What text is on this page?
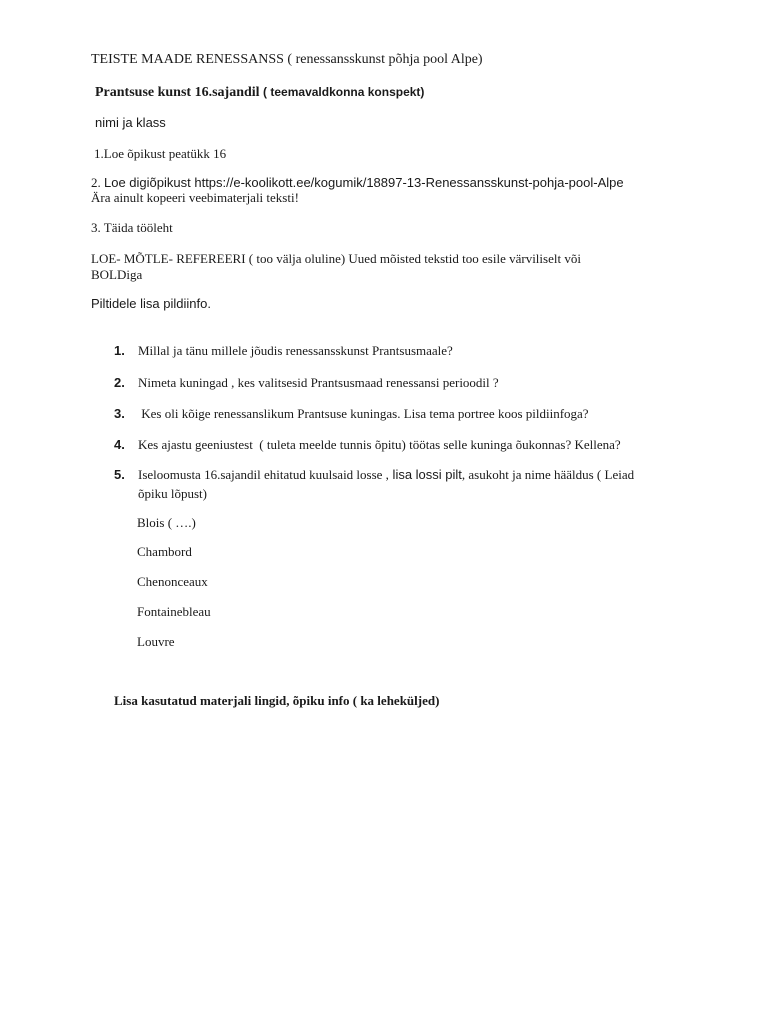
TEISTE MAADE RENESSANSS ( renessansskunst põhja pool Alpe)
Prantsuse kunst 16.sajandil ( teemavaldkonna konspekt)
nimi ja klass
1.Loe õpikust peatükk 16
2. Loe digiõpikust https://e-koolikott.ee/kogumik/18897-13-Renessansskunst-pohja-pool-Alpe
Ära ainult kopeeri veebimaterjali teksti!
3. Täida tööleht
LOE- MÕTLE- REFEREERI ( too välja oluline) Uued mõisted tekstid too esile värviliselt või
BOLDiga
Piltidele lisa pildiinfo.
1. Millal ja tänu millele jõudis renessansskunst Prantsusmaale?
2. Nimeta kuningad , kes valitsesid Prantsusmaad renessansi perioodil ?
3. Kes oli kõige renessanslikum Prantsuse kuningas. Lisa tema portree koos pildiinfoga?
4. Kes ajastu geeniustest  ( tuleta meelde tunnis õpitu) töötas selle kuninga õukonnas? Kellena?
5. Iseloomusta 16.sajandil ehitatud kuulsaid losse , lisa lossi pilt, asukoht ja nime hääldus ( Leiad
õpiku lõpust)
Blois ( ….)
Chambord
Chenonceaux
Fontainebleau
Louvre
Lisa kasutatud materjali lingid, õpiku info ( ka leheküljed)
